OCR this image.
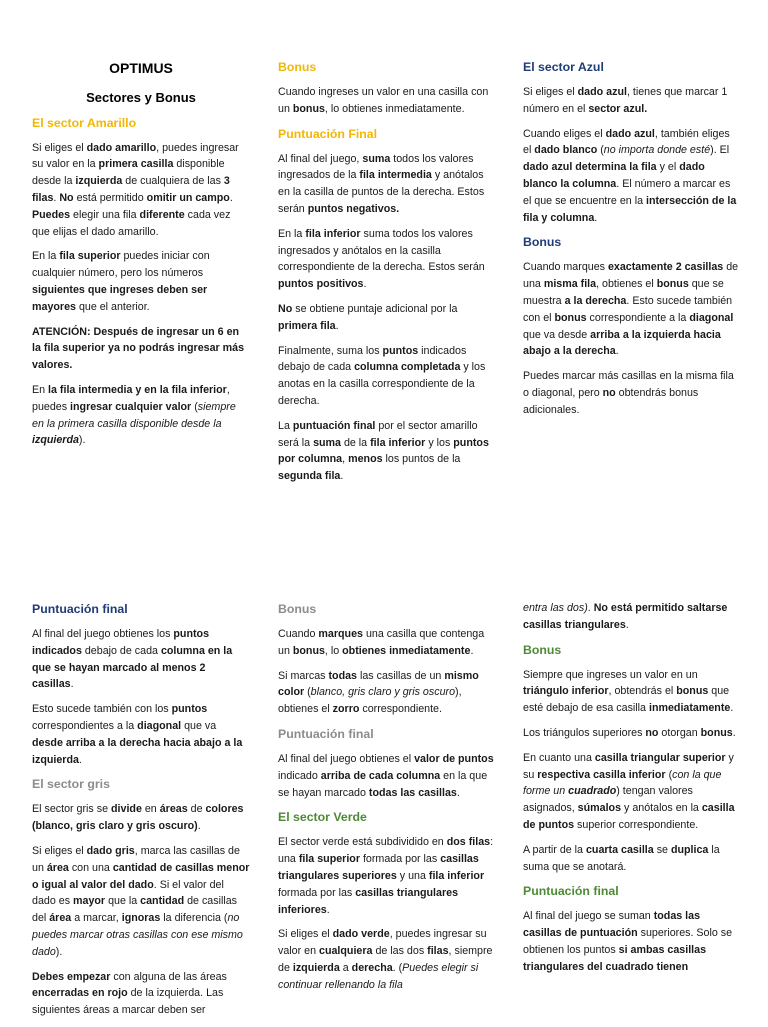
OPTIMUS
Sectores y Bonus
El sector Amarillo

Si eliges el dado amarillo, puedes ingresar su valor en la primera casilla disponible desde la izquierda de cualquiera de las 3 filas. No está permitido omitir un campo. Puedes elegir una fila diferente cada vez que elijas el dado amarillo.

En la fila superior puedes iniciar con cualquier número, pero los números siguientes que ingreses deben ser mayores que el anterior.

ATENCIÓN: Después de ingresar un 6 en la fila superior ya no podrás ingresar más valores.

En la fila intermedia y en la fila inferior, puedes ingresar cualquier valor (siempre en la primera casilla disponible desde la izquierda).

Bonus

Cuando ingreses un valor en una casilla con un bonus, lo obtienes inmediatamente.

Puntuación Final

Al final del juego, suma todos los valores ingresados de la fila intermedia y anótalos en la casilla de puntos de la derecha. Estos serán puntos negativos.

En la fila inferior suma todos los valores ingresados y anótalos en la casilla correspondiente de la derecha. Estos serán puntos positivos.

No se obtiene puntaje adicional por la primera fila.

Finalmente, suma los puntos indicados debajo de cada columna completada y los anotas en la casilla correspondiente de la derecha.

La puntuación final por el sector amarillo será la suma de la fila inferior y los puntos por columna, menos los puntos de la segunda fila.

El sector Azul

Si eliges el dado azul, tienes que marcar 1 número en el sector azul.

Cuando eliges el dado azul, también eliges el dado blanco (no importa donde esté). El dado azul determina la fila y el dado blanco la columna. El número a marcar es el que se encuentre en la intersección de la fila y columna.

Bonus

Cuando marques exactamente 2 casillas de una misma fila, obtienes el bonus que se muestra a la derecha. Esto sucede también con el bonus correspondiente a la diagonal que va desde arriba a la izquierda hacia abajo a la derecha.

Puedes marcar más casillas en la misma fila o diagonal, pero no obtendrás bonus adicionales.

Puntuación final

Al final del juego obtienes los puntos indicados debajo de cada columna en la que se hayan marcado al menos 2 casillas.

Esto sucede también con los puntos correspondientes a la diagonal que va desde arriba a la derecha hacia abajo a la izquierda.

El sector gris

El sector gris se divide en áreas de colores (blanco, gris claro y gris oscuro).

Si eliges el dado gris, marca las casillas de un área con una cantidad de casillas menor o igual al valor del dado. Si el valor del dado es mayor que la cantidad de casillas del área a marcar, ignoras la diferencia (no puedes marcar otras casillas con ese mismo dado).

Debes empezar con alguna de las áreas encerradas en rojo de la izquierda. Las siguientes áreas a marcar deben ser

Bonus

Cuando marques una casilla que contenga un bonus, lo obtienes inmediatamente.

Si marcas todas las casillas de un mismo color (blanco, gris claro y gris oscuro), obtienes el zorro correspondiente.

Puntuación final

Al final del juego obtienes el valor de puntos indicado arriba de cada columna en la que se hayan marcado todas las casillas.

El sector Verde

El sector verde está subdividido en dos filas: una fila superior formada por las casillas triangulares superiores y una fila inferior formada por las casillas triangulares inferiores.

Si eliges el dado verde, puedes ingresar su valor en cualquiera de las dos filas, siempre de izquierda a derecha. (Puedes elegir si continuar rellenando la fila

entra las dos). No está permitido saltarse casillas triangulares.

Bonus

Siempre que ingreses un valor en un triángulo inferior, obtendrás el bonus que esté debajo de esa casilla inmediatamente.

Los triángulos superiores no otorgan bonus.

En cuanto una casilla triangular superior y su respectiva casilla inferior (con la que forme un cuadrado) tengan valores asignados, súmalos y anótalos en la casilla de puntos superior correspondiente.

A partir de la cuarta casilla se duplica la suma que se anotará.

Puntuación final

Al final del juego se suman todas las casillas de puntuación superiores. Solo se obtienen los puntos si ambas casillas triangulares del cuadrado tienen
